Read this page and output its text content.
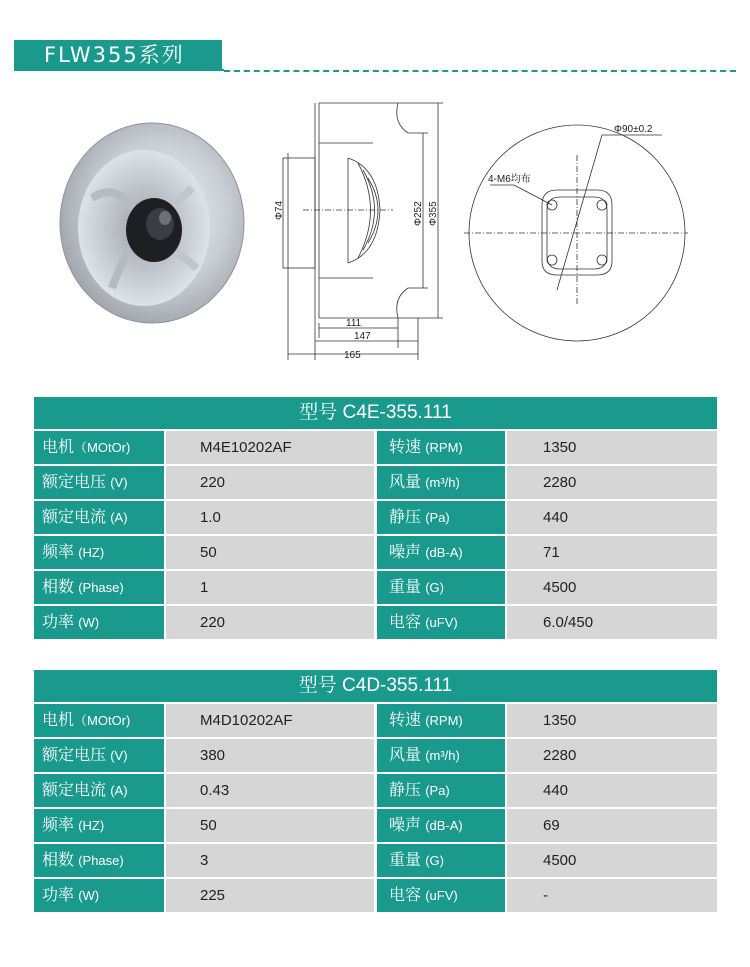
FLW355系列
Φ74	Φ252 Φ355
111
147
165
Φ90±0.2
4-M6均布
型号 C4E-355.111
电机（MOtOr)	M4E10202AF	转速 (RPM)	1350
额定电压 (V)	220	风量 (m³/h)	2280
额定电流 (A)	1.0	静压 (Pa)	440
频率 (HZ)	50	噪声 (dB-A)	71
相数 (Phase)	1	重量 (G)	4500
功率 (W)	220	电容 (uFV)	6.0/450
型号 C4D-355.111
电机（MOtOr)	M4D10202AF	转速 (RPM)	1350
额定电压 (V)	380	风量 (m³/h)	2280
额定电流 (A)	0.43	静压 (Pa)	440
频率 (HZ)	50	噪声 (dB-A)	69
相数 (Phase)	3	重量 (G)	4500
功率 (W)	225	电容 (uFV)	-
